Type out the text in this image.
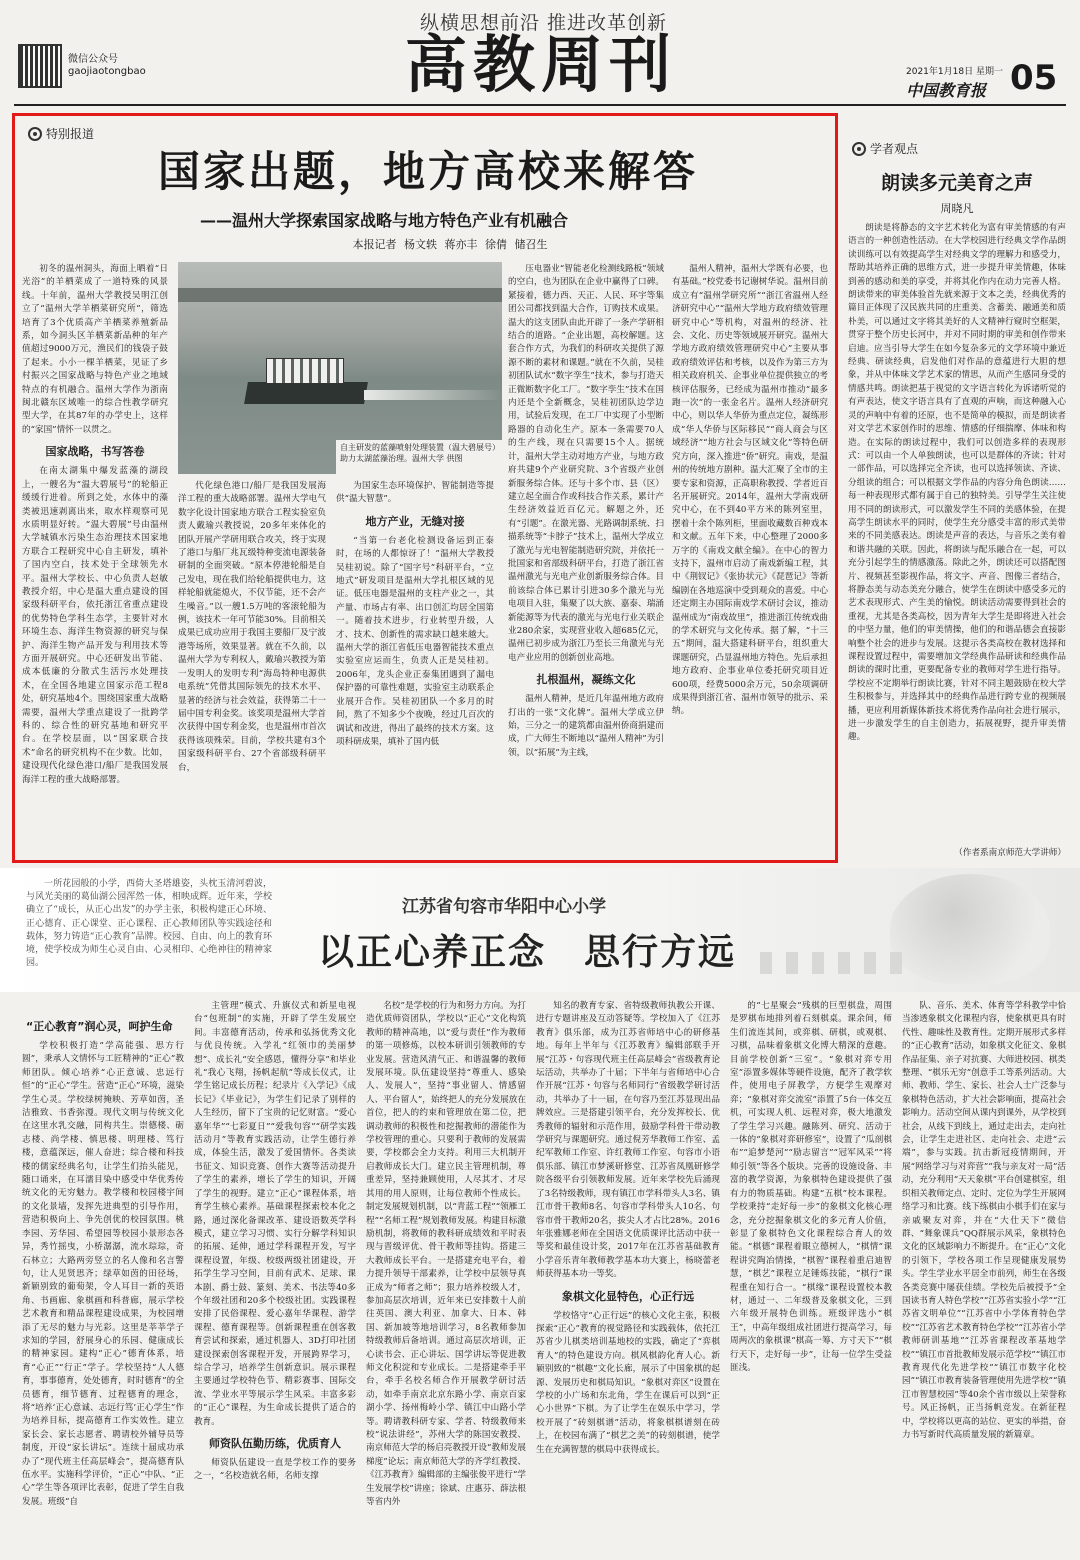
微信公众号
gaojiaotongbao
纵横思想前沿 推进改革创新
高教周刊	2021年1月18日 星期一
中国教育报 05
特别报道
国家出题，地方高校来解答
——温州大学探索国家战略与地方特色产业有机融合
本报记者 杨文轶 蒋亦丰 徐倩 储召生

初冬的温州洞头，海面上晒着“日光浴”的羊栖菜成了一道特殊的风景线。十年前，温州大学教授吴明江创立了“温州大学羊栖菜研究所”，筛选培育了3个优质高产羊栖菜养殖新品系，如今洞头区羊栖菜新品种的年产值超过9000万元，渔民们的钱袋子鼓了起来。小小一棵羊栖菜，见证了乡村振兴之国家战略与特色产业之地域特点的有机融合。温州大学作为浙南闽北赣东区域唯一的综合性教学研究型大学，在其87年的办学史上，这样的“家国”情怀一以贯之。

国家战略，书写答卷

在南太湖集中爆发蓝藻的湖段上，一艘名为“温大碧展号”的轮船正缓缓行进着。所到之处，水体中的藻类被迅速剥离出来，取水样观察可见水质明显好转。“温大碧展”号由温州大学城镇水污染生态治理技术国家地方联合工程研究中心自主研发，填补了国内空白，技术处于全球领先水平。温州大学校长、中心负责人赵敏教授介绍，中心是温大重点建设的国家级科研平台，依托浙江省重点建设的优势特色学科生态学，主要针对水环境生态、海洋生物资源的研究与保护、海洋生物产品开发与利用技术等方面开展研究。中心还研发出节能、成本低廉的分散式生活污水处理技术，在全国各地建立国家示范工程8处，研究基地4个。围绕国家重大战略需要，温州大学重点建设了一批跨学科的、综合性的研究基地和研究平台。在学校层面，以“国家联合技术”命名的研究机构不在少数。比如，建设现代化绿色港口/船厂是我国发展海洋工程的重大战略部署。

自主研发的蓝藻喷射处理装置（温大碧展号）助力太湖蓝藻治理。温州大学 供图

代化绿色港口/船厂是我国发展海洋工程的重大战略部署。温州大学电气数字化设计国家地方联合工程实验室负责人戴瑜兴教授说，20多年来体化的团队开展产学研用联合攻关，终于实现了港口与船厂兆瓦级特种变流电源装备研制的全面突破。“原本停港轮船是自己发电，现在我们给轮船提供电力，这样轮船就能熄火，不仅节能，还不会产生噪音。”以一艘1.5万吨的客滚轮船为例，该技术一年可节能30%。目前相关成果已成功应用于我国主要船厂及宁波港等场所，效果显著。就在不久前，以温州大学为专利权人，戴瑜兴教授为第一发明人的发明专利“海岛特种电源供电系统”凭借其国际领先的技术水平、显著的经济与社会效益，获得第二十一届中国专利金奖。该奖项是温州大学首次获得中国专利金奖，也是温州市首次获得该项殊荣。目前，学校共建有3个国家级科研平台、27个省部级科研平台，

为国家生态环境保护、智能制造等提供“温大智慧”。

地方产业，无缝对接

“当第一台老化检测设备运到正泰时，在场的人都惊讶了！”温州大学教授吴桂初说。除了“国字号”科研平台，“立地式”研发项目是温州大学扎根区域的见证。低压电器是温州的支柱产业之一，其产量、市场占有率、出口创汇均居全国第一。随着技术进步，行业转型升级，人才、技术、创新性的需求缺口越来越大。温州大学的浙江省低压电器智能技术重点实验室应运而生，负责人正是吴桂初。2006年，龙头企业正泰集团遇到了漏电保护器的可靠性难题，实验室主动联系企业展开合作。吴桂初团队一个多月的时间，熬了不知多少个夜晚，经过几百次的调试和改进，得出了最终的技术方案。这项科研成果，填补了国内低

压电器业“智能老化检测线路板”领域的空白，也为团队在企业中赢得了口碑。紧接着，德力西、天正、人民、环宇等集团公司都找到温大合作，订购技术成果。温大的这支团队由此开辟了一条产学研相结合的道路。“企业出题，高校解题。这套合作方式，为我们的科研攻关提供了源源不断的素材和课题。”就在不久前，吴桂初团队试水“数字孪生”技术，参与打造天正微断数字化工厂。“数字孪生”技术在国内还是个全新概念，吴桂初团队边学边用，试验后发现，在工厂中实现了小型断路器的自动化生产。原本一条需要70人的生产线，现在只需要15个人。据统计，温州大学主动对地方产业，与地方政府共建9个产业研究院、3个省级产业创新服务综合体。还与十多个市、县（区）建立起全面合作或科技合作关系，累计产生经济效益近百亿元。解题之外，还有“引题”。在激光器、光路调制系统、扫描系统等“卡脖子”技术上，温州大学成立了激光与光电智能制造研究院，并依托一批国家和省部级科研平台，打造了浙江省温州激光与光电产业创新服务综合体。目前该综合体已累计引进30多个激光与光电项目入驻，集聚了以大族、嘉泰、瑞涌新能源等为代表的激光与光电行业关联企业280余家，实现营业收入超685亿元，温州已初步成为浙江乃至长三角激光与光电产业应用的创新创业高地。

扎根温州，凝练文化

温州人精神，是近几年温州地方政府打出的一张“文化牌”。温州大学成立伊始，三分之一的建筑都由温州侨商捐建而成，广大师生不断地以“温州人精神”为引领，以“拓展”为主线，

温州人精神，温州大学既有必要，也有基础。”校党委书记谢树华说。温州目前成立有“温州学研究所”“浙江省温州人经济研究中心”“温州大学地方政府绩效管理研究中心”等机构，对温州的经济、社会、文化、历史等领域展开研究。温州大学地方政府绩效管理研究中心”主要从事政府绩效评估和考核，以及作为第三方为相关政府机关、企事业单位提供独立的考核评估服务，已经成为温州市推动“最多跑一次”的一张金名片。温州人经济研究中心，则以华人华侨为重点定位，凝练形成“华人华侨与区际移民”“商人商会与区域经济”“地方社会与区域文化”等特色研究方向，深入推进“侨”研究。南戏，是温州的传统地方剧种。温大汇聚了全市的主要专家和资源，正高职称教授、学者近百名开展研究。2014年，温州大学南戏研究中心，在不到40平方米的陈列室里，摆着十余个陈列柜，里面收藏数百种戏本和文献。五年下来，中心整理了2000多万字的《南戏文献全编》。在中心的智力支持下，温州市启动了南戏新编工程，其中《荆钗记》《张协状元》《琵琶记》等新编剧在各地巡演中受到观众的喜爱。中心还定期主办国际南戏学术研讨会议，推动温州成为“南戏故里”，推进浙江传统戏曲的学术研究与文化传承。据了解，“十三五”期间，温大搭建科研平台，组织重大课题研究，凸显温州地方特色。先后承担地方政府、企事业单位委托研究项目近600项，经费5000余万元，50余项调研成果得到浙江省、温州市领导的批示、采纳。

学者观点
朗读多元美育之声
周晓凡

朗读是将静态的文字艺术转化为富有审美情感的有声语言的一种创造性活动。在大学校园进行经典文学作品朗读训练可以有效提高学生对经典文学的理解力和感受力，帮助其培养正确的思维方式，进一步提升审美情趣，体味到善的感动和美的享受，并将其化作内在动力完善人格。朗读带来的审美体验首先就来源于文本之美，经典优秀的篇目正体现了汉民族共同的庄重美、含蓄美、融通美和质朴美，可以通过文字将其美好的人文精神行窥时空框架，贯穿于整个历史长河中，并对不同时期的审美和创作带来启迪。应当引导大学生在如今复杂多元的文学环境中兼近经典、研读经典，启发他们对作品的意蕴进行大胆的想象，并从中体味文学艺术家的情思，从而产生感同身受的情感共鸣。朗读把基于视觉的文字语言转化为诉诸听觉的有声表达，使文字语言具有了直观的声响，而这种融入心灵的声响中有着的还原，也不是简单的模拟，而是朗读者对文学艺术家创作时的思维、情感的仔细揣摩、体味和构造。在实际的朗读过程中，我们可以创造多样的表现形式：可以由一个人单独朗读，也可以是群体的齐读；针对一部作品，可以选择完全齐读，也可以选择领读、齐读、分组读的组合；可以根据文学作品的内容分角色朗读……每一种表现形式都有属于自己的独特美。引导学生关注使用不同的朗读形式，可以激发学生不同的美感体验，在提高学生朗读水平的同时，使学生充分感受丰富的形式美带来的不同美感表达。朗读是声音的表达，与音乐之美有着和谐共融的关联。因此，将朗读与配乐融合在一起，可以充分引起学生的情感激荡。除此之外，朗读还可以搭配图片、视频甚至影视作品，将文字、声音、图像三者结合，将静态美与动态美充分融合，使学生在朗读中感受多元的艺术表现形式、产生美的愉悦。朗读活动需要得到社会的重视，尤其是各类高校，因为青年大学生是即将进入社会的中坚力量，他们的审美情操，他们的和谐品德会直接影响整个社会的进步与发展。这提示各类高校在教材选择和课程设置过程中，需要增加文学经典作品研读和经典作品朗读的课时比重，更要配备专业的教师对学生进行指导。学校应不定期举行朗读比赛，针对不同主题鼓励在校大学生积极参与，并选择其中的经典作品进行跨专业的视频展播，更应利用新媒体新技术将优秀作品向社会进行展示，进一步激发学生的自主创造力，拓展视野，提升审美情趣。

（作者系南京师范大学讲师）

一所花园般的小学，西倚大圣塔雄姿，头枕玉清河碧波，与风光美丽的葛仙湖公园浑然一体，相映成辉。近年来，学校确立了“成长，从正心出发”的办学主张，积极构建正心环境、正心德育、正心课堂、正心课程、正心教师团队等实践途径和载体，努力铸造“正心教育”品牌。校园、自由、向上的教育环境，使学校成为师生心灵自由、心灵相印、心绝神往的精神家园。

江苏省句容市华阳中心小学
以正心养正念　思行方远
“正心教育”润心灵，呵护生命

学校积极打造“学高能强、思方行圆”，秉承人文情怀与工匠精神的“正心”教师团队。倾心培养“心正意诚、忠远行恒”的“正心”学生。营造“正心”环境，滋染学生心灵。学校绿树掩映、芳草如茵，圣洁雅致、书香弥漫。现代文明与传统文化在这里水乳交融，同构共生。崇德楼、砺志楼、尚学楼、慎思楼、明理楼、笃行楼，意蕴深远，催人奋进；综合楼和科技楼的儒家经典名句，让学生们抬头能见，随口诵来，在耳濡目染中感受中华优秀传统文化的无穷魅力。教学楼和校园楼宇间的文化景墙，发挥先进典型的引导作用，营造积极向上、争先创优的校园氛围。桃李园、芳华园、希望园等校园小景形态各异，秀竹摇曳，小桥潺潺，流水琮琮，奇石林立；大路两旁竖立的名人像和名言警句，让人见贤思齐；绿草如茵的田径场，新颖别致的葡萄架，令人耳目一新的英语角、书画廊、象棋画和科普廊，展示学校艺术教育和精品课程建设成果，为校园增添了无尽的魅力与光彩。这里是莘莘学子求知的学园，舒展身心的乐园、健康成长的精神家园。建构“正心”德育体系，培育“心正”“行正”学子。学校坚持“人人德育，事事德育，处处德育，时时德育”的全员德育，细节德育、过程德育的理念，将“培养‘正心意诚、志远行笃’正心学生”作为培养目标，提高德育工作实效性。建立家长会、家长志愿者、聘请校外辅导员等制度，开设“家长讲坛”。连续十届成功承办了“现代班主任高层峰会”，提高德育队伍水平。实施科学评价，“正心”中队、“正心”学生等各项评比表彰，促进了学生自我发展。班级“自

主管理”模式、升旗仪式和新星电视台“包班制”的实施，开辟了学生发展空间。丰富德育活动，传承和弘扬优秀文化与优良传统。入学礼“红领巾的美丽梦想”、成长礼“安全感恩，懂得分享”和毕业礼“我心飞翔，扬帆起航”等成长仪式，让学生铭记成长历程；纪录片《入学记》《成长记》《毕业记》，为学生们记录了别样的人生经历，留下了宝贵的记忆财富。“爱心嘉年华”“七彩夏日”“爱我句容”“研学实践活动月”等教育实践活动，让学生德行养成，体验生活，激发了爱国情怀。各类读书征文、知识竞赛、创作大赛等活动提升了学生的素养，增长了学生的知识，开阔了学生的视野。建立“正心”课程体系，培育学生核心素养。基础课程探索校本化之路，通过深化备课改革、建设语数英学科模式，建立学习习惯、实行分解学科知识的拓展、延伸，通过学科课程开发，写字课程设置，年级、校级两级社团建设，开拓学生学习空间，目前有武术、足球、课本剧、爵士鼓、篆刻、美术、书法等40多个年级社团和20多个校级社团。实践课程安排了民俗课程、爱心嘉年华课程、游学课程、德育课程等。创新课程重在创客教育尝试和探索，通过机器人、3D打印社团建设探索创客课程开发，开展跨界学习，综合学习，培养学生创新意识。展示课程主要通过学校特色节、精彩赛事、国际交流、学业水平等展示学生风采。丰富多彩的“正心”课程，为生命成长提供了适合的教育。

师资队伍勤历练，优质育人

师资队伍建设一直是学校工作的要务之一，“名校造就名师，名师支撑

名校”是学校的行为和努力方向。为打造优质师资团队，学校以“正心”文化构筑教师的精神高地，以“爱与责任”作为教师的第一项修炼，以校本研训引领教师的专业发展。营造风清气正、和谐温馨的教师发展环境。队伍建设坚持“尊重人、感染人、发展人”，坚持“事业留人、情感留人、平台留人”，始终把人的充分发展放在首位，把人的约束和管理放在第二位，把调动教师的积极性和挖掘教师的潜能作为学校管理的重心。只要利于教师的发展需要，学校都会全力支持。利用三大机制开启教师成长大门。建立民主管理机制，尊重差异，坚持兼顾使用，人尽其才、才尽其用的用人原则，让每位教师个性成长。制定发展规划机制，以“青蓝工程”“领雁工程”“名师工程”规划教师发展。构建目标激励机制，将教师的教科研成绩效和平时表现与晋级评优、骨干教师等挂钩。搭建三大教师成长平台。一是搭建充电平台，着力提升领导干部素养，让学校中层领导真正成为“师者之师”；狠力培养校级人才，参加高层次培训，近年来已安排数十人前往英国、澳大利亚、加拿大、日本、韩国、新加坡等地培训学习，8名教师参加特级教师后备培训。通过高层次培训，正心读书会、正心讲坛、国学讲坛等促进教师文化积淀和专业成长。二是搭建牵手平台，牵手名校名师合作开展教学研讨活动，如牵手南京北京东路小学、南京百家湖小学、扬州梅岭小学、镇江中山路小学等。聘请教科研专家、学者、特级教师来校“说法讲经”，苏州大学的陈国安教授、南京师范大学的杨启亮教授开设“教师发展梯度”论坛；南京师范大学的齐学红教授、《江苏教育》编辑部的主编张俊平进行“学生发展学校”讲座；徐斌、庄惠芬、薛法根等省内外

知名的教育专家、省特级教师执教公开课、进行专题讲座及互动答疑等。学校加入了《江苏教育》俱乐部，成为江苏省师培中心的研修基地。每年上半年与《江苏教育》编辑部联手开展“江苏・句容现代班主任高层峰会”省级教育论坛活动，共举办了十届；下半年与省师培中心合作开展“江苏・句容与名师同行”省级教学研讨活动，共举办了十一届，在句容乃至江苏显现出品牌效应。三是搭建引领平台，充分发挥校长、优秀教师的辐射和示范作用，鼓励学科骨干带动教学研究与课题研究。通过倪芳华教师工作室、孟纪军教师工作室、许红教师工作室、句容市小语俱乐部、镇江市梦溪研修堂、江苏省凤凰研修学院各级平台引领教师发展。近年来学校先后涌现了3名特级教师，现有镇江市学科带头人3名、镇江市骨干教师8名、句容市学科带头人10名、句容市骨干教师20名，拔尖人才占比28%。2016年张雅娜老师在全国语文优质课评比活动中获一等奖和最佳设计奖，2017年在江苏省基础教育小学音乐青年教师教学基本功大赛上，杨晓蕾老师获得基本功一等奖。

象棋文化显特色，心正行远

学校恪守“心正行远”的核心文化主张，积极探索“正心”教育的视觉路径和实践载体，依托江苏省少儿棋类培训基地校的实践，确定了“弈棋育人”的特色建设方向。棋风棋韵化育人心。新颖别致的“棋趣”文化长廊，展示了中国象棋的起源、发展历史和棋局知识。“象棋对弈区”设置在学校的小广场和东北角，学生在课后可以到“正心小世界”下棋。为了让学生在娱乐中学习，学校开展了“砖刻棋谱”活动，将象棋棋谱刻在砖上，在校园布满了“棋艺之美”的砖刻棋谱，使学生在充满智慧的棋局中获得成长。

的“七星聚会”残棋的巨型棋盘，周围是罗棋布地排列着石刻棋桌。课余间，师生们流连其间，或弈棋、研棋，或观棋、习棋，品味着象棋文化博大精深的意趣。目前学校创新“三室”。“象棋对弈专用室”添置多媒体等硬件设施，配齐了教学软件，使用电子屏教学，方便学生观摩对弈；“象棋对弈交流室”添置了5台一体交互机，可实现人机、远程对弈，极大地激发了学生学习兴趣。融陈列、研究、活动于一体的“象棋对弈研修室”，设置了“瓜剖棋布”“追梦楚河”“励志留言”“冠军风采”“将帅引领”等各个版块。完善的设施设备、丰富的教学资源，为象棋特色建设提供了强有力的物质基础。构建“五棋”校本课程。学校秉持“走好每一步”的象棋文化核心理念，充分挖掘象棋文化的多元育人价值，彰显了象棋特色文化课程综合育人的效能。“棋德”课程着眼立德树人，“棋情”课程讲究陶冶情操，“棋智”课程着重启迪智慧，“棋艺”课程立足锤炼技能，“棋行”课程重在知行合一。“棋缘”课程设置校本教材，通过一、二年级普及象棋文化，三到六年级开展特色训练。班级评选小“棋王”，中高年级组成社团进行提高学习，每周两次的象棋课“棋高一筹、方寸天下”“棋行天下，走好每一步”，让每一位学生受益匪浅。

队、音乐、美术、体育等学科教学中恰当渗透象棋文化课程内容，使象棋更具有时代性、趣味性及教育性。定期开展形式多样的“正心教育”活动，如象棋文化征文、象棋作品征集、亲子对抗赛、大师进校园、棋类整理、“棋乐无穷”创意手工等系列活动。大师、教师、学生、家长、社会人士广泛参与象棋特色活动，扩大社会影响面，提高社会影响力。活动空间从课内到课外，从学校到社会，从线下到线上，通过走出去，走向社会，让学生走进社区、走向社会、走进“云端”，参与实践。抗击新冠疫情期间，开展“网络学习与对弈营”“我与亲友对一局”活动，充分利用“天天象棋”平台创建棋室，组织相关教师定点、定时、定位为学生开展网络学习和比赛。线下练棋由小棋手们在家与亲戚聚友对弈，并在“大仕天下”微信群、“舞象课兵”QQ群展示风采，象棋特色文化的区域影响力不断提升。在“正心”文化的引领下，学校各项工作呈现健康发展势头。学生学业水平居全市前列，师生在各级各类竞赛中屡获佳绩。学校先后被授予“全国读书育人特色学校”“江苏省实验小学”“江苏省文明单位”“江苏省中小学体育特色学校”“江苏省艺术教育特色学校”“江苏省小学教师研训基地”“江苏省课程改革基地学校”“镇江市首批教师发展示范学校”“镇江市教育现代化先进学校”“镇江市数字化校园”“镇江市教育装备管理使用先进学校”“镇江市智慧校园”等40余个省市级以上荣誉称号。风正扬帆，正当扬帆竞发。在新征程中，学校将以更高的站位、更实的举措，奋力书写新时代高质量发展的新篇章。
